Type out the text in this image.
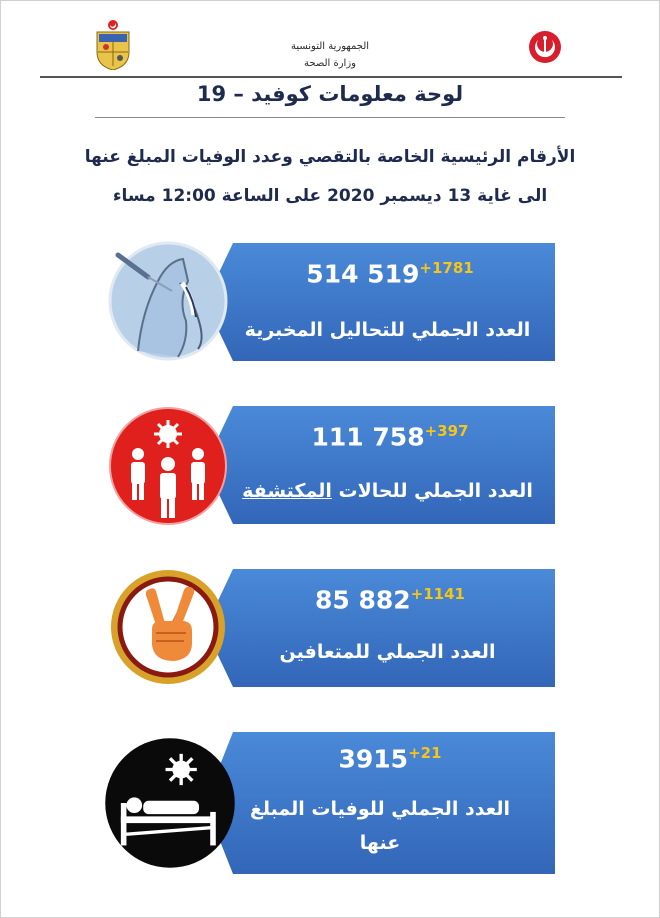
الجمهورية التونسية
وزارة الصحة
لوحة معلومات كوفيد – 19
الأرقام الرئيسية الخاصة بالتقصي وعدد الوفيات المبلغ عنها
الى غاية 13 ديسمبر 2020 على الساعة 12:00 مساء
514 $519^{+1781}$
العدد الجملي للتحاليل المخبرية
111 $758^{+397}$
العدد الجملي للحالات المكتشفة
85 $882^{+1141}$
العدد الجملي للمتعافين
$3915^{+21}$
العدد الجملي للوفيات المبلغ عنها
